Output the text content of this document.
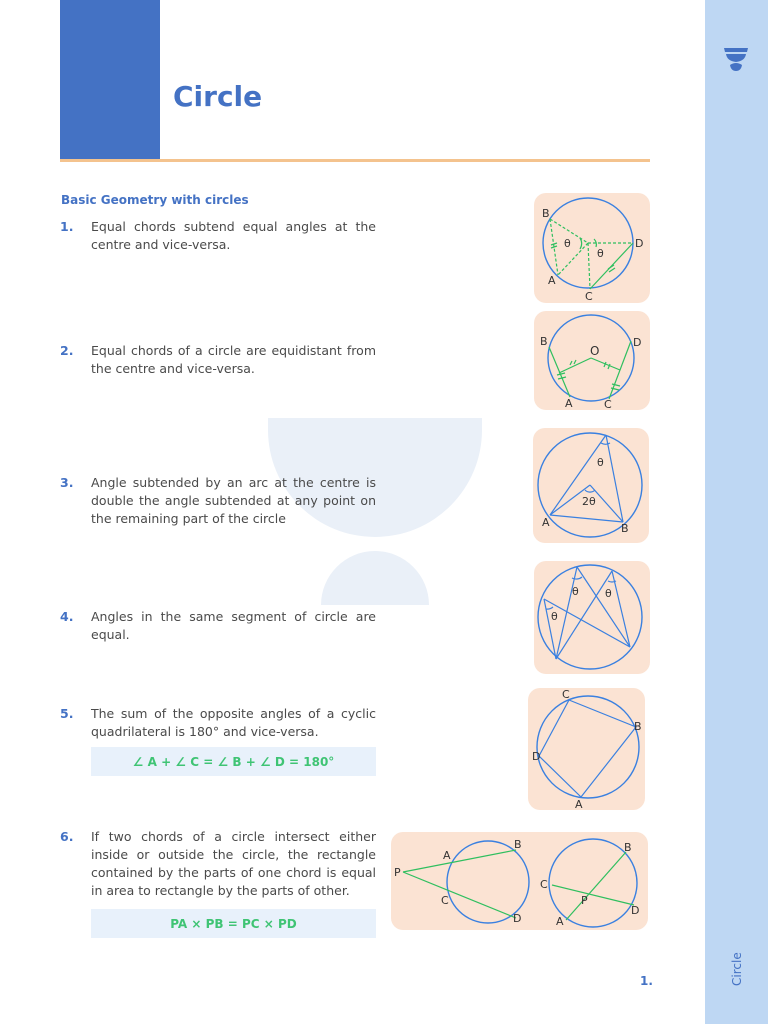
Circle
Circle
Basic Geometry with circles
1. Equal chords subtend equal angles at the centre and vice-versa.

2. Equal chords of a circle are equidistant from the centre and vice-versa.

3. Angle subtended by an arc at the centre is double the angle subtended at any point on the remaining part of the circle

4. Angles in the same segment of circle are equal.

5. The sum of the opposite angles of a cyclic quadrilateral is 180° and vice-versa.

∠ A + ∠ C = ∠ B + ∠ D = 180°
6. If two chords of a circle intersect either inside or outside the circle, the rectangle contained by the parts of one chord is equal in area to rectangle by the parts of other.

PA × PB = PC × PD
B
D
A
C
θ
θ
B
O
D
A	C
θ
2θ
A	B
θ θ
θ
C
B
D
A
P
A
B
C
D
B
C
P
D
A
1.
